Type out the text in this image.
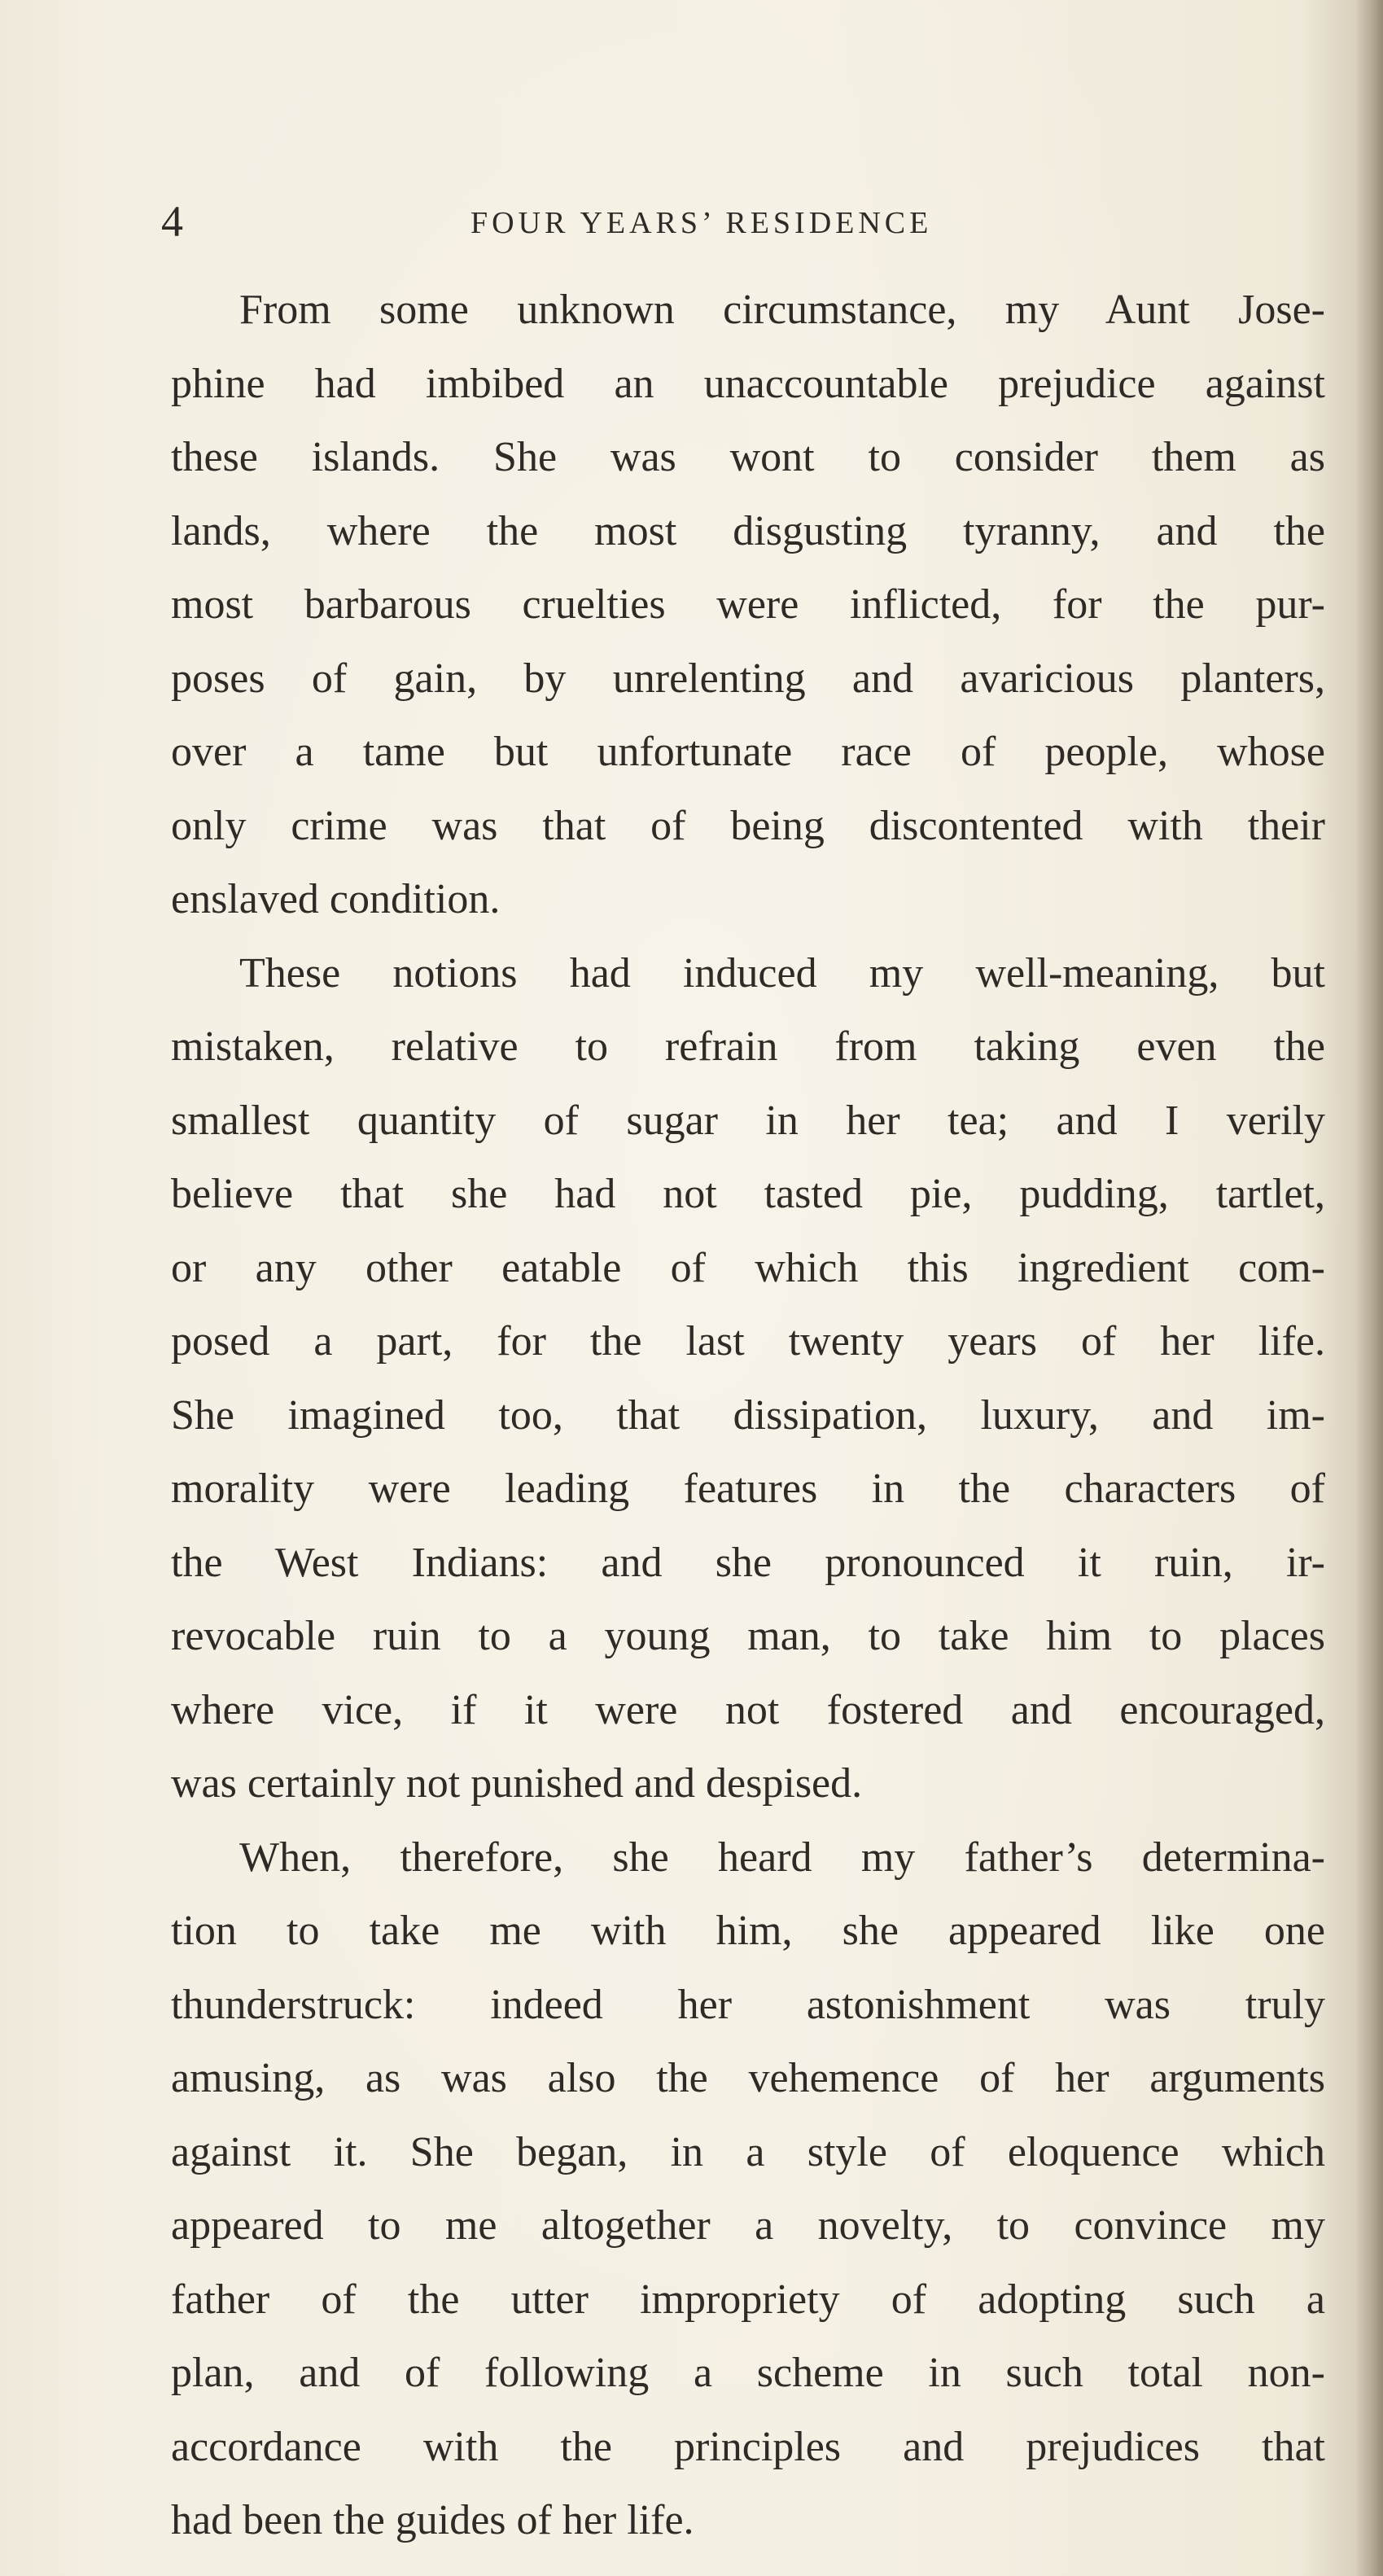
4	FOUR YEARS’ RESIDENCE
From some unknown circumstance, my Aunt Jose-
phine had imbibed an unaccountable prejudice against
these islands. She was wont to consider them as
lands, where the most disgusting tyranny, and the
most barbarous cruelties were inflicted, for the pur-
poses of gain, by unrelenting and avaricious planters,
over a tame but unfortunate race of people, whose
only crime was that of being discontented with their
enslaved condition.
These notions had induced my well-meaning, but
mistaken, relative to refrain from taking even the
smallest quantity of sugar in her tea; and I verily
believe that she had not tasted pie, pudding, tartlet,
or any other eatable of which this ingredient com-
posed a part, for the last twenty years of her life.
She imagined too, that dissipation, luxury, and im-
morality were leading features in the characters of
the West Indians: and she pronounced it ruin, ir-
revocable ruin to a young man, to take him to places
where vice, if it were not fostered and encouraged,
was certainly not punished and despised.
When, therefore, she heard my father’s determina-
tion to take me with him, she appeared like one
thunderstruck: indeed her astonishment was truly
amusing, as was also the vehemence of her arguments
against it. She began, in a style of eloquence which
appeared to me altogether a novelty, to convince my
father of the utter impropriety of adopting such a
plan, and of following a scheme in such total non-
accordance with the principles and prejudices that
had been the guides of her life.
